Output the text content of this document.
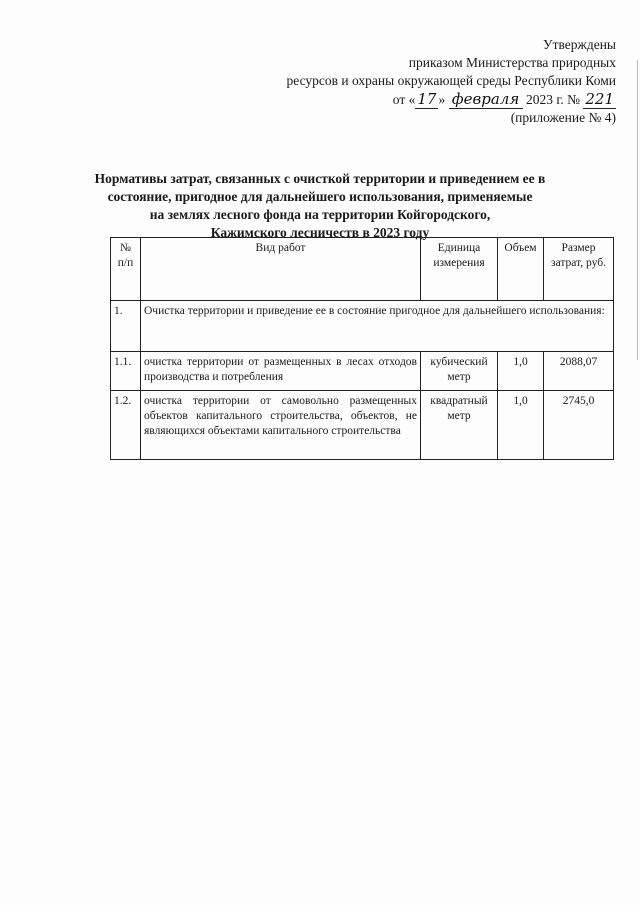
Утверждены
приказом Министерства природных
ресурсов и охраны окружающей среды Республики Коми
от « 17 » февраля 2023 г. № 221
(приложение № 4)
Нормативы затрат, связанных с очисткой территории и приведением ее в
состояние, пригодное для дальнейшего использования, применяемые
на землях лесного фонда на территории Койгородского,
Кажимского лесничеств в 2023 году
№ п/п	Вид работ	Единица измерения	Объем	Размер затрат, руб.
1.	Очистка территории и приведение ее в состояние пригодное для дальнейшего использования:			
1.1.	очистка территории от размещенных в лесах отходов производства и потребления	кубический метр	1,0	2088,07
1.2.	очистка территории от самовольно размещенных объектов капитального строительства, объектов, не являющихся объектами капитального строительства	квадратный метр	1,0	2745,0
